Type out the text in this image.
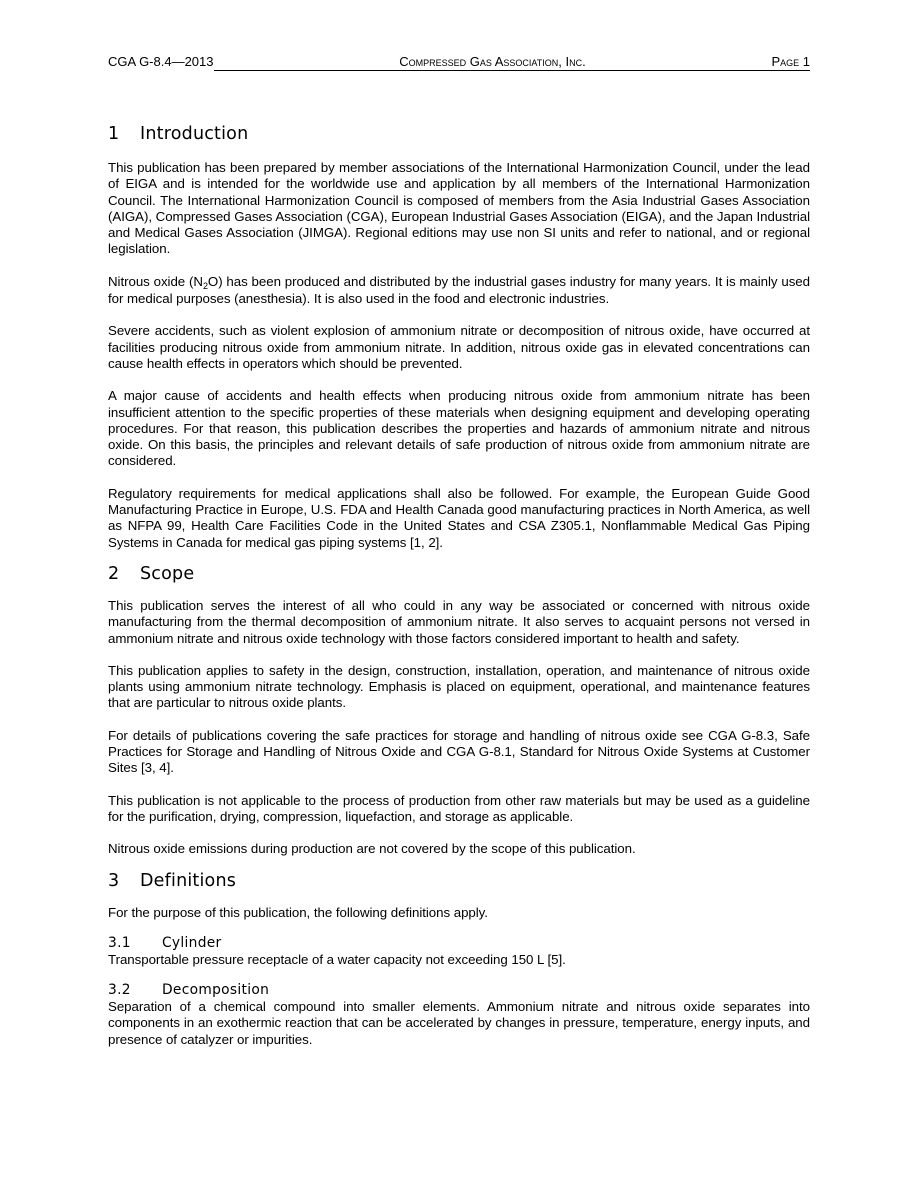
CGA G-8.4—2013	Compressed Gas Association, Inc.	Page 1
1 Introduction

This publication has been prepared by member associations of the International Harmonization Council, under the lead of EIGA and is intended for the worldwide use and application by all members of the International Harmonization Council. The International Harmonization Council is composed of members from the Asia Industrial Gases Association (AIGA), Compressed Gases Association (CGA), European Industrial Gases Association (EIGA), and the Japan Industrial and Medical Gases Association (JIMGA). Regional editions may use non SI units and refer to national, and or regional legislation.

Nitrous oxide $(N_2O)$ has been produced and distributed by the industrial gases industry for many years. It is mainly used for medical purposes (anesthesia). It is also used in the food and electronic industries.

Severe accidents, such as violent explosion of ammonium nitrate or decomposition of nitrous oxide, have occurred at facilities producing nitrous oxide from ammonium nitrate. In addition, nitrous oxide gas in elevated concentrations can cause health effects in operators which should be prevented.

A major cause of accidents and health effects when producing nitrous oxide from ammonium nitrate has been insufficient attention to the specific properties of these materials when designing equipment and developing operating procedures. For that reason, this publication describes the properties and hazards of ammonium nitrate and nitrous oxide. On this basis, the principles and relevant details of safe production of nitrous oxide from ammonium nitrate are considered.

Regulatory requirements for medical applications shall also be followed. For example, the European Guide Good Manufacturing Practice in Europe, U.S. FDA and Health Canada good manufacturing practices in North America, as well as NFPA 99, Health Care Facilities Code in the United States and CSA Z305.1, Nonflammable Medical Gas Piping Systems in Canada for medical gas piping systems [1, 2].

2 Scope

This publication serves the interest of all who could in any way be associated or concerned with nitrous oxide manufacturing from the thermal decomposition of ammonium nitrate. It also serves to acquaint persons not versed in ammonium nitrate and nitrous oxide technology with those factors considered important to health and safety.

This publication applies to safety in the design, construction, installation, operation, and maintenance of nitrous oxide plants using ammonium nitrate technology. Emphasis is placed on equipment, operational, and maintenance features that are particular to nitrous oxide plants.

For details of publications covering the safe practices for storage and handling of nitrous oxide see CGA G-8.3, Safe Practices for Storage and Handling of Nitrous Oxide and CGA G-8.1, Standard for Nitrous Oxide Systems at Customer Sites [3, 4].

This publication is not applicable to the process of production from other raw materials but may be used as a guideline for the purification, drying, compression, liquefaction, and storage as applicable.

Nitrous oxide emissions during production are not covered by the scope of this publication.

3 Definitions

For the purpose of this publication, the following definitions apply.

3.1 Cylinder

Transportable pressure receptacle of a water capacity not exceeding 150 L [5].

3.2 Decomposition

Separation of a chemical compound into smaller elements. Ammonium nitrate and nitrous oxide separates into components in an exothermic reaction that can be accelerated by changes in pressure, temperature, energy inputs, and presence of catalyzer or impurities.
